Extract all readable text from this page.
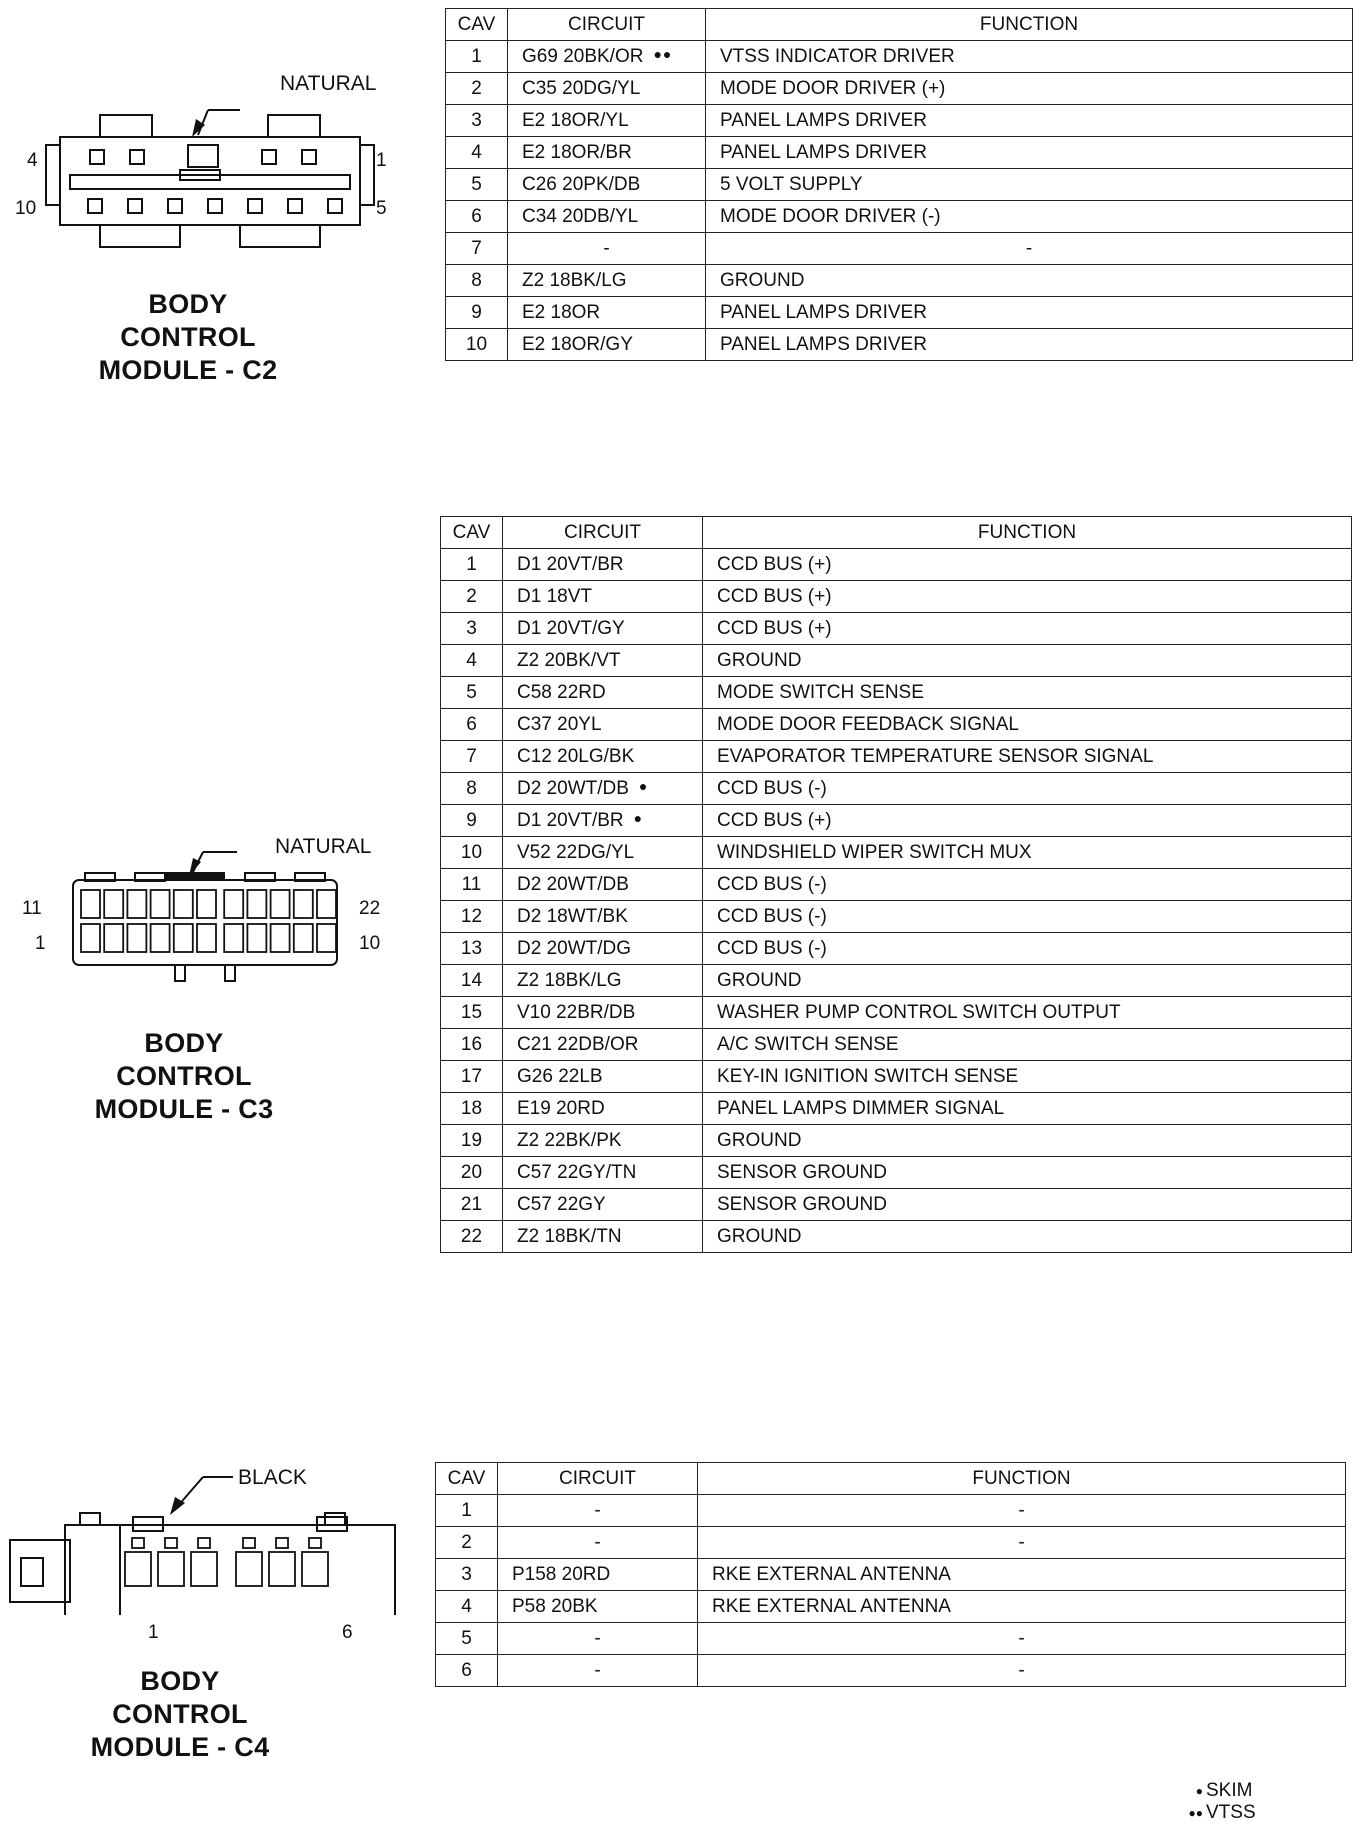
NATURAL
4	1
10	5
BODY
CONTROL
MODULE - C2
CAV	CIRCUIT	FUNCTION
1	G69 20BK/OR ●●	VTSS INDICATOR DRIVER
2	C35 20DG/YL	MODE DOOR DRIVER (+)
3	E2 18OR/YL	PANEL LAMPS DRIVER
4	E2 18OR/BR	PANEL LAMPS DRIVER
5	C26 20PK/DB	5 VOLT SUPPLY
6	C34 20DB/YL	MODE DOOR DRIVER (-)
7	-	-
8	Z2 18BK/LG	GROUND
9	E2 18OR	PANEL LAMPS DRIVER
10	E2 18OR/GY	PANEL LAMPS DRIVER
NATURAL
11	22
1	10
BODY
CONTROL
MODULE - C3
CAV	CIRCUIT	FUNCTION
1	D1 20VT/BR	CCD BUS (+)
2	D1 18VT	CCD BUS (+)
3	D1 20VT/GY	CCD BUS (+)
4	Z2 20BK/VT	GROUND
5	C58 22RD	MODE SWITCH SENSE
6	C37 20YL	MODE DOOR FEEDBACK SIGNAL
7	C12 20LG/BK	EVAPORATOR TEMPERATURE SENSOR SIGNAL
8	D2 20WT/DB ●	CCD BUS (-)
9	D1 20VT/BR ●	CCD BUS (+)
10	V52 22DG/YL	WINDSHIELD WIPER SWITCH MUX
11	D2 20WT/DB	CCD BUS (-)
12	D2 18WT/BK	CCD BUS (-)
13	D2 20WT/DG	CCD BUS (-)
14	Z2 18BK/LG	GROUND
15	V10 22BR/DB	WASHER PUMP CONTROL SWITCH OUTPUT
16	C21 22DB/OR	A/C SWITCH SENSE
17	G26 22LB	KEY-IN IGNITION SWITCH SENSE
18	E19 20RD	PANEL LAMPS DIMMER SIGNAL
19	Z2 22BK/PK	GROUND
20	C57 22GY/TN	SENSOR GROUND
21	C57 22GY	SENSOR GROUND
22	Z2 18BK/TN	GROUND
BLACK
1	6
BODY
CONTROL
MODULE - C4
CAV	CIRCUIT	FUNCTION
1	-	-
2	-	-
3	P158 20RD	RKE EXTERNAL ANTENNA
4	P58 20BK	RKE EXTERNAL ANTENNA
5	-	-
6	-	-
● SKIM
●● VTSS
